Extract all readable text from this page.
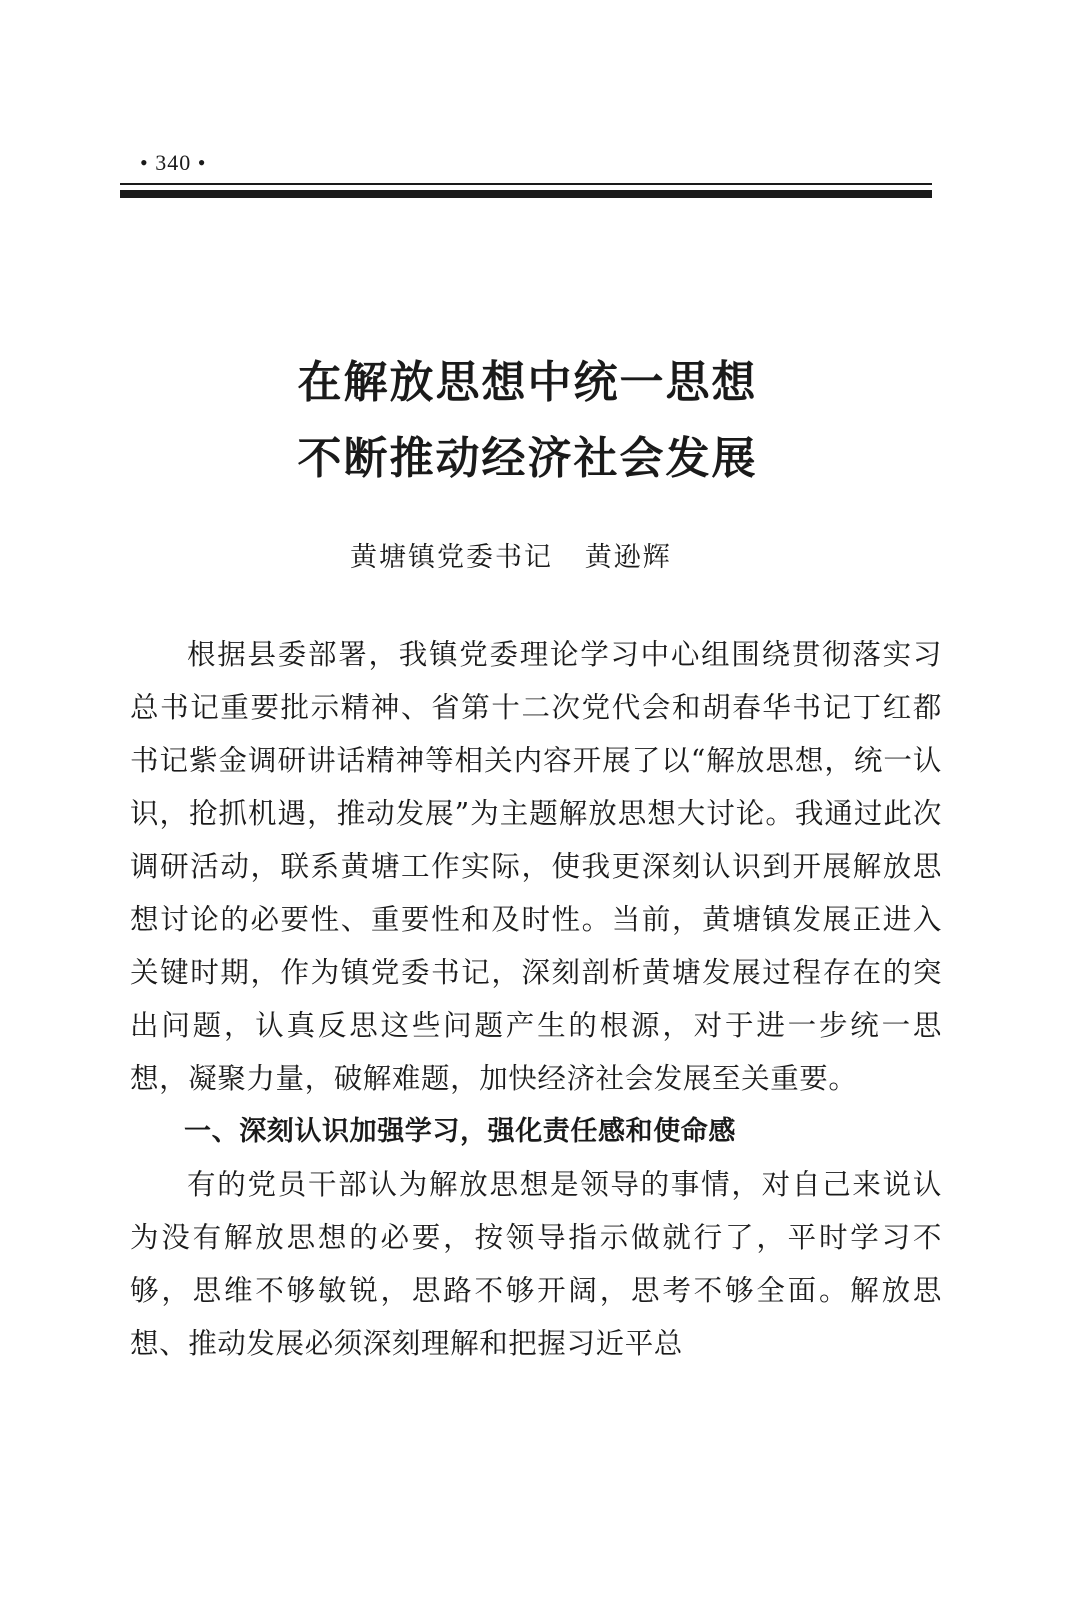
• 340 •
在解放思想中统一思想
不断推动经济社会发展
黄塘镇党委书记   黄逊辉

根据县委部署，我镇党委理论学习中心组围绕贯彻落实习总书记重要批示精神、省第十二次党代会和胡春华书记丁红都书记紫金调研讲话精神等相关内容开展了以“解放思想，统一认识，抢抓机遇，推动发展”为主题解放思想大讨论。我通过此次调研活动，联系黄塘工作实际，使我更深刻认识到开展解放思想讨论的必要性、重要性和及时性。当前，黄塘镇发展正进入关键时期，作为镇党委书记，深刻剖析黄塘发展过程存在的突出问题，认真反思这些问题产生的根源，对于进一步统一思想，凝聚力量，破解难题，加快经济社会发展至关重要。

一、深刻认识加强学习，强化责任感和使命感

有的党员干部认为解放思想是领导的事情，对自己来说认为没有解放思想的必要，按领导指示做就行了，平时学习不够，思维不够敏锐，思路不够开阔，思考不够全面。解放思想、推动发展必须深刻理解和把握习近平总
